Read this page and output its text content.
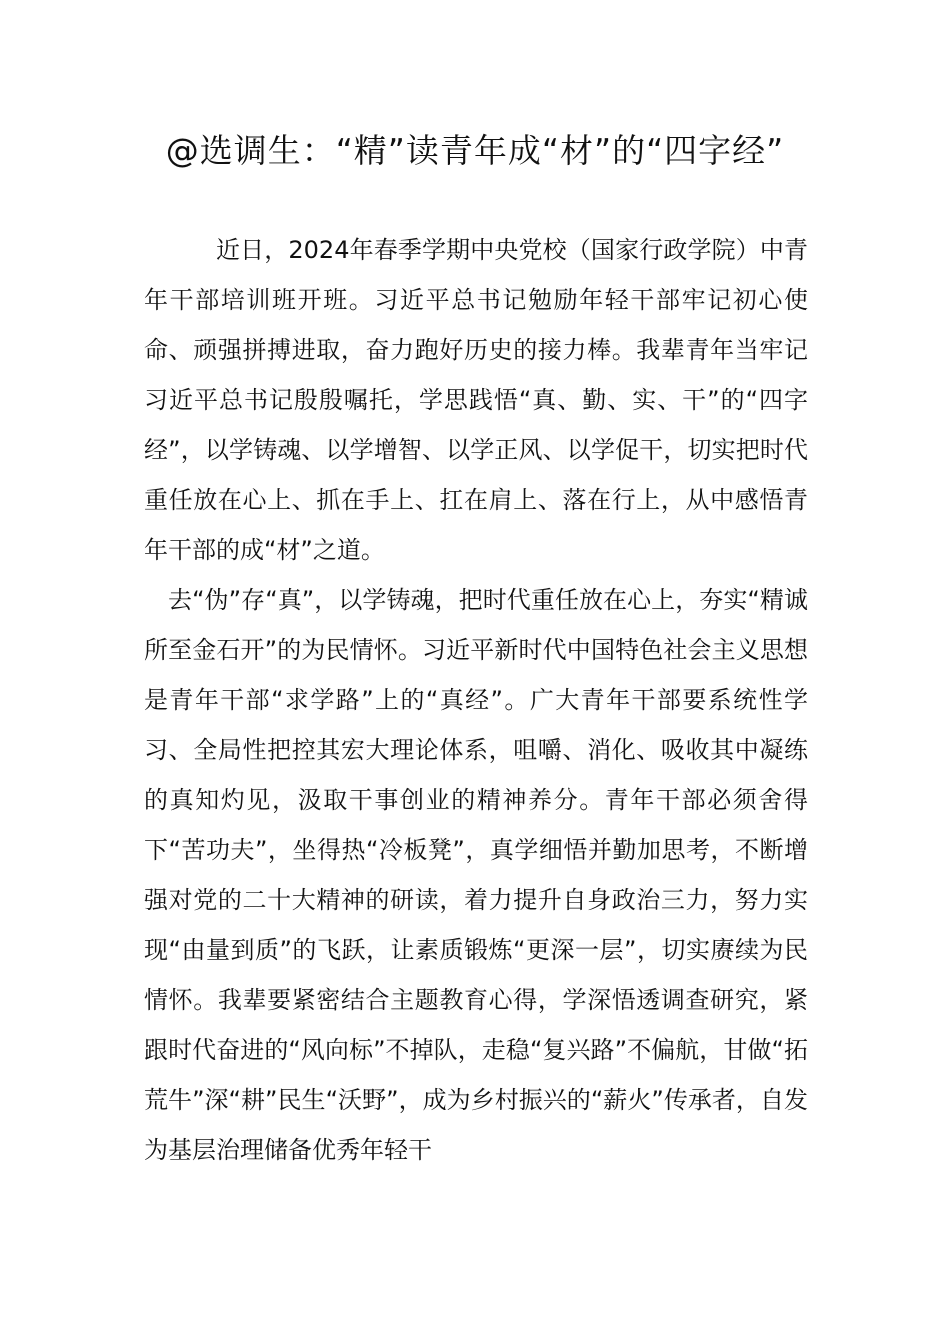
@选调生：“精”读青年成“材”的“四字经”

近日，2024年春季学期中央党校（国家行政学院）中青年干部培训班开班。习近平总书记勉励年轻干部牢记初心使命、顽强拼搏进取，奋力跑好历史的接力棒。我辈青年当牢记习近平总书记殷殷嘱托，学思践悟“真、勤、实、干”的“四字经”，以学铸魂、以学增智、以学正风、以学促干，切实把时代重任放在心上、抓在手上、扛在肩上、落在行上，从中感悟青年干部的成“材”之道。

去“伪”存“真”，以学铸魂，把时代重任放在心上，夯实“精诚所至金石开”的为民情怀。习近平新时代中国特色社会主义思想是青年干部“求学路”上的“真经”。广大青年干部要系统性学习、全局性把控其宏大理论体系，咀嚼、消化、吸收其中凝练的真知灼见，汲取干事创业的精神养分。青年干部必须舍得下“苦功夫”，坐得热“冷板凳”，真学细悟并勤加思考，不断增强对党的二十大精神的研读，着力提升自身政治三力，努力实现“由量到质”的飞跃，让素质锻炼“更深一层”，切实赓续为民情怀。我辈要紧密结合主题教育心得，学深悟透调查研究，紧跟时代奋进的“风向标”不掉队，走稳“复兴路”不偏航，甘做“拓荒牛”深“耕”民生“沃野”，成为乡村振兴的“薪火”传承者，自发为基层治理储备优秀年轻干
